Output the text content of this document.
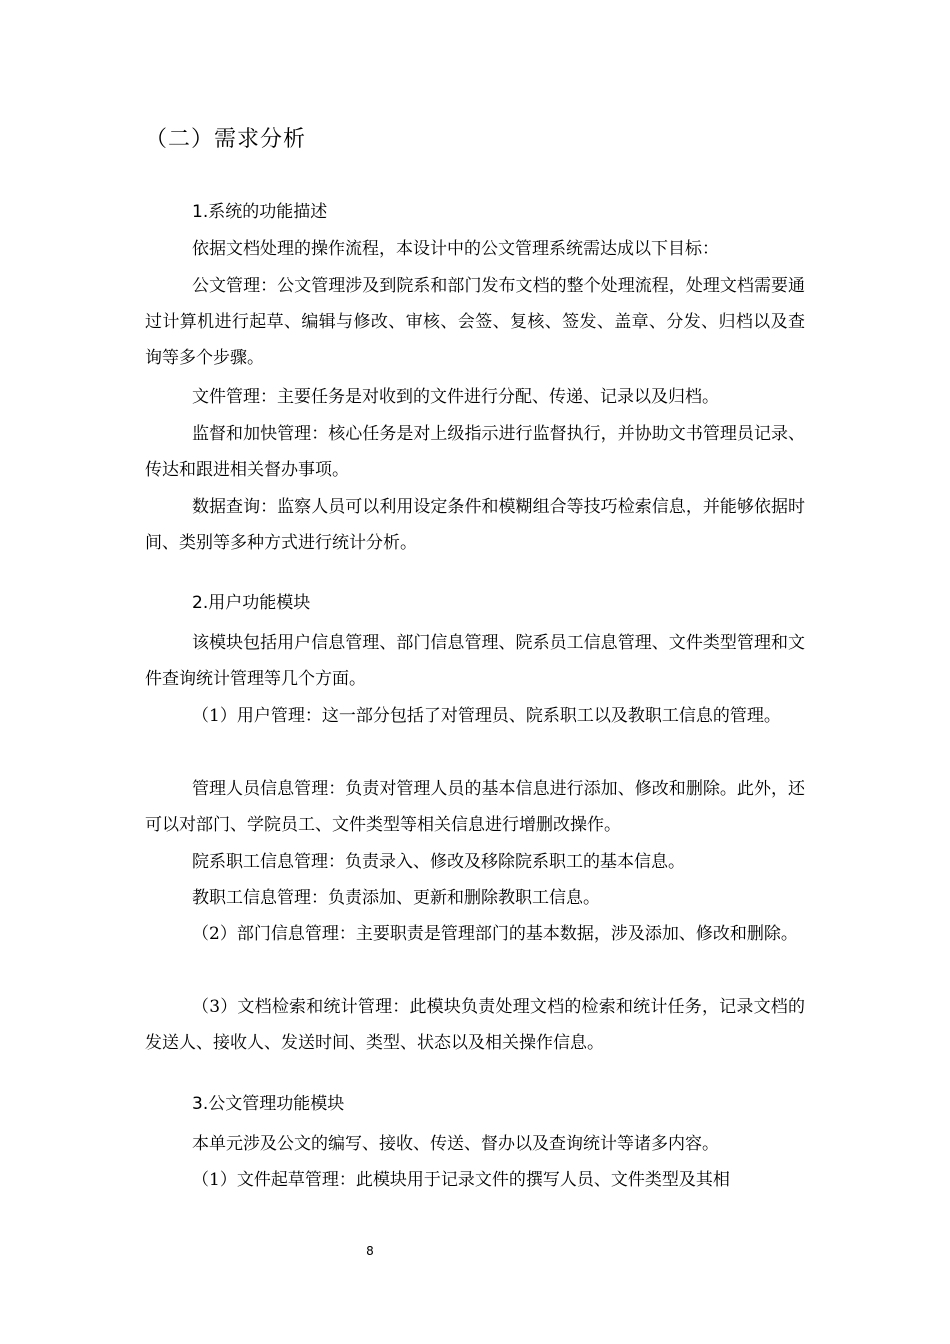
（二）需求分析
1.系统的功能描述

依据文档处理的操作流程，本设计中的公文管理系统需达成以下目标：

公文管理：公文管理涉及到院系和部门发布文档的整个处理流程，处理文档需要通过计算机进行起草、编辑与修改、审核、会签、复核、签发、盖章、分发、归档以及查询等多个步骤。

文件管理：主要任务是对收到的文件进行分配、传递、记录以及归档。

监督和加快管理：核心任务是对上级指示进行监督执行，并协助文书管理员记录、传达和跟进相关督办事项。

数据查询：监察人员可以利用设定条件和模糊组合等技巧检索信息，并能够依据时间、类别等多种方式进行统计分析。

2.用户功能模块

该模块包括用户信息管理、部门信息管理、院系员工信息管理、文件类型管理和文件查询统计管理等几个方面。

（1）用户管理：这一部分包括了对管理员、院系职工以及教职工信息的管理。

管理人员信息管理：负责对管理人员的基本信息进行添加、修改和删除。此外，还可以对部门、学院员工、文件类型等相关信息进行增删改操作。

院系职工信息管理：负责录入、修改及移除院系职工的基本信息。

教职工信息管理：负责添加、更新和删除教职工信息。

（2）部门信息管理：主要职责是管理部门的基本数据，涉及添加、修改和删除。

（3）文档检索和统计管理：此模块负责处理文档的检索和统计任务，记录文档的发送人、接收人、发送时间、类型、状态以及相关操作信息。

3.公文管理功能模块

本单元涉及公文的编写、接收、传送、督办以及查询统计等诸多内容。

（1）文件起草管理：此模块用于记录文件的撰写人员、文件类型及其相

8
